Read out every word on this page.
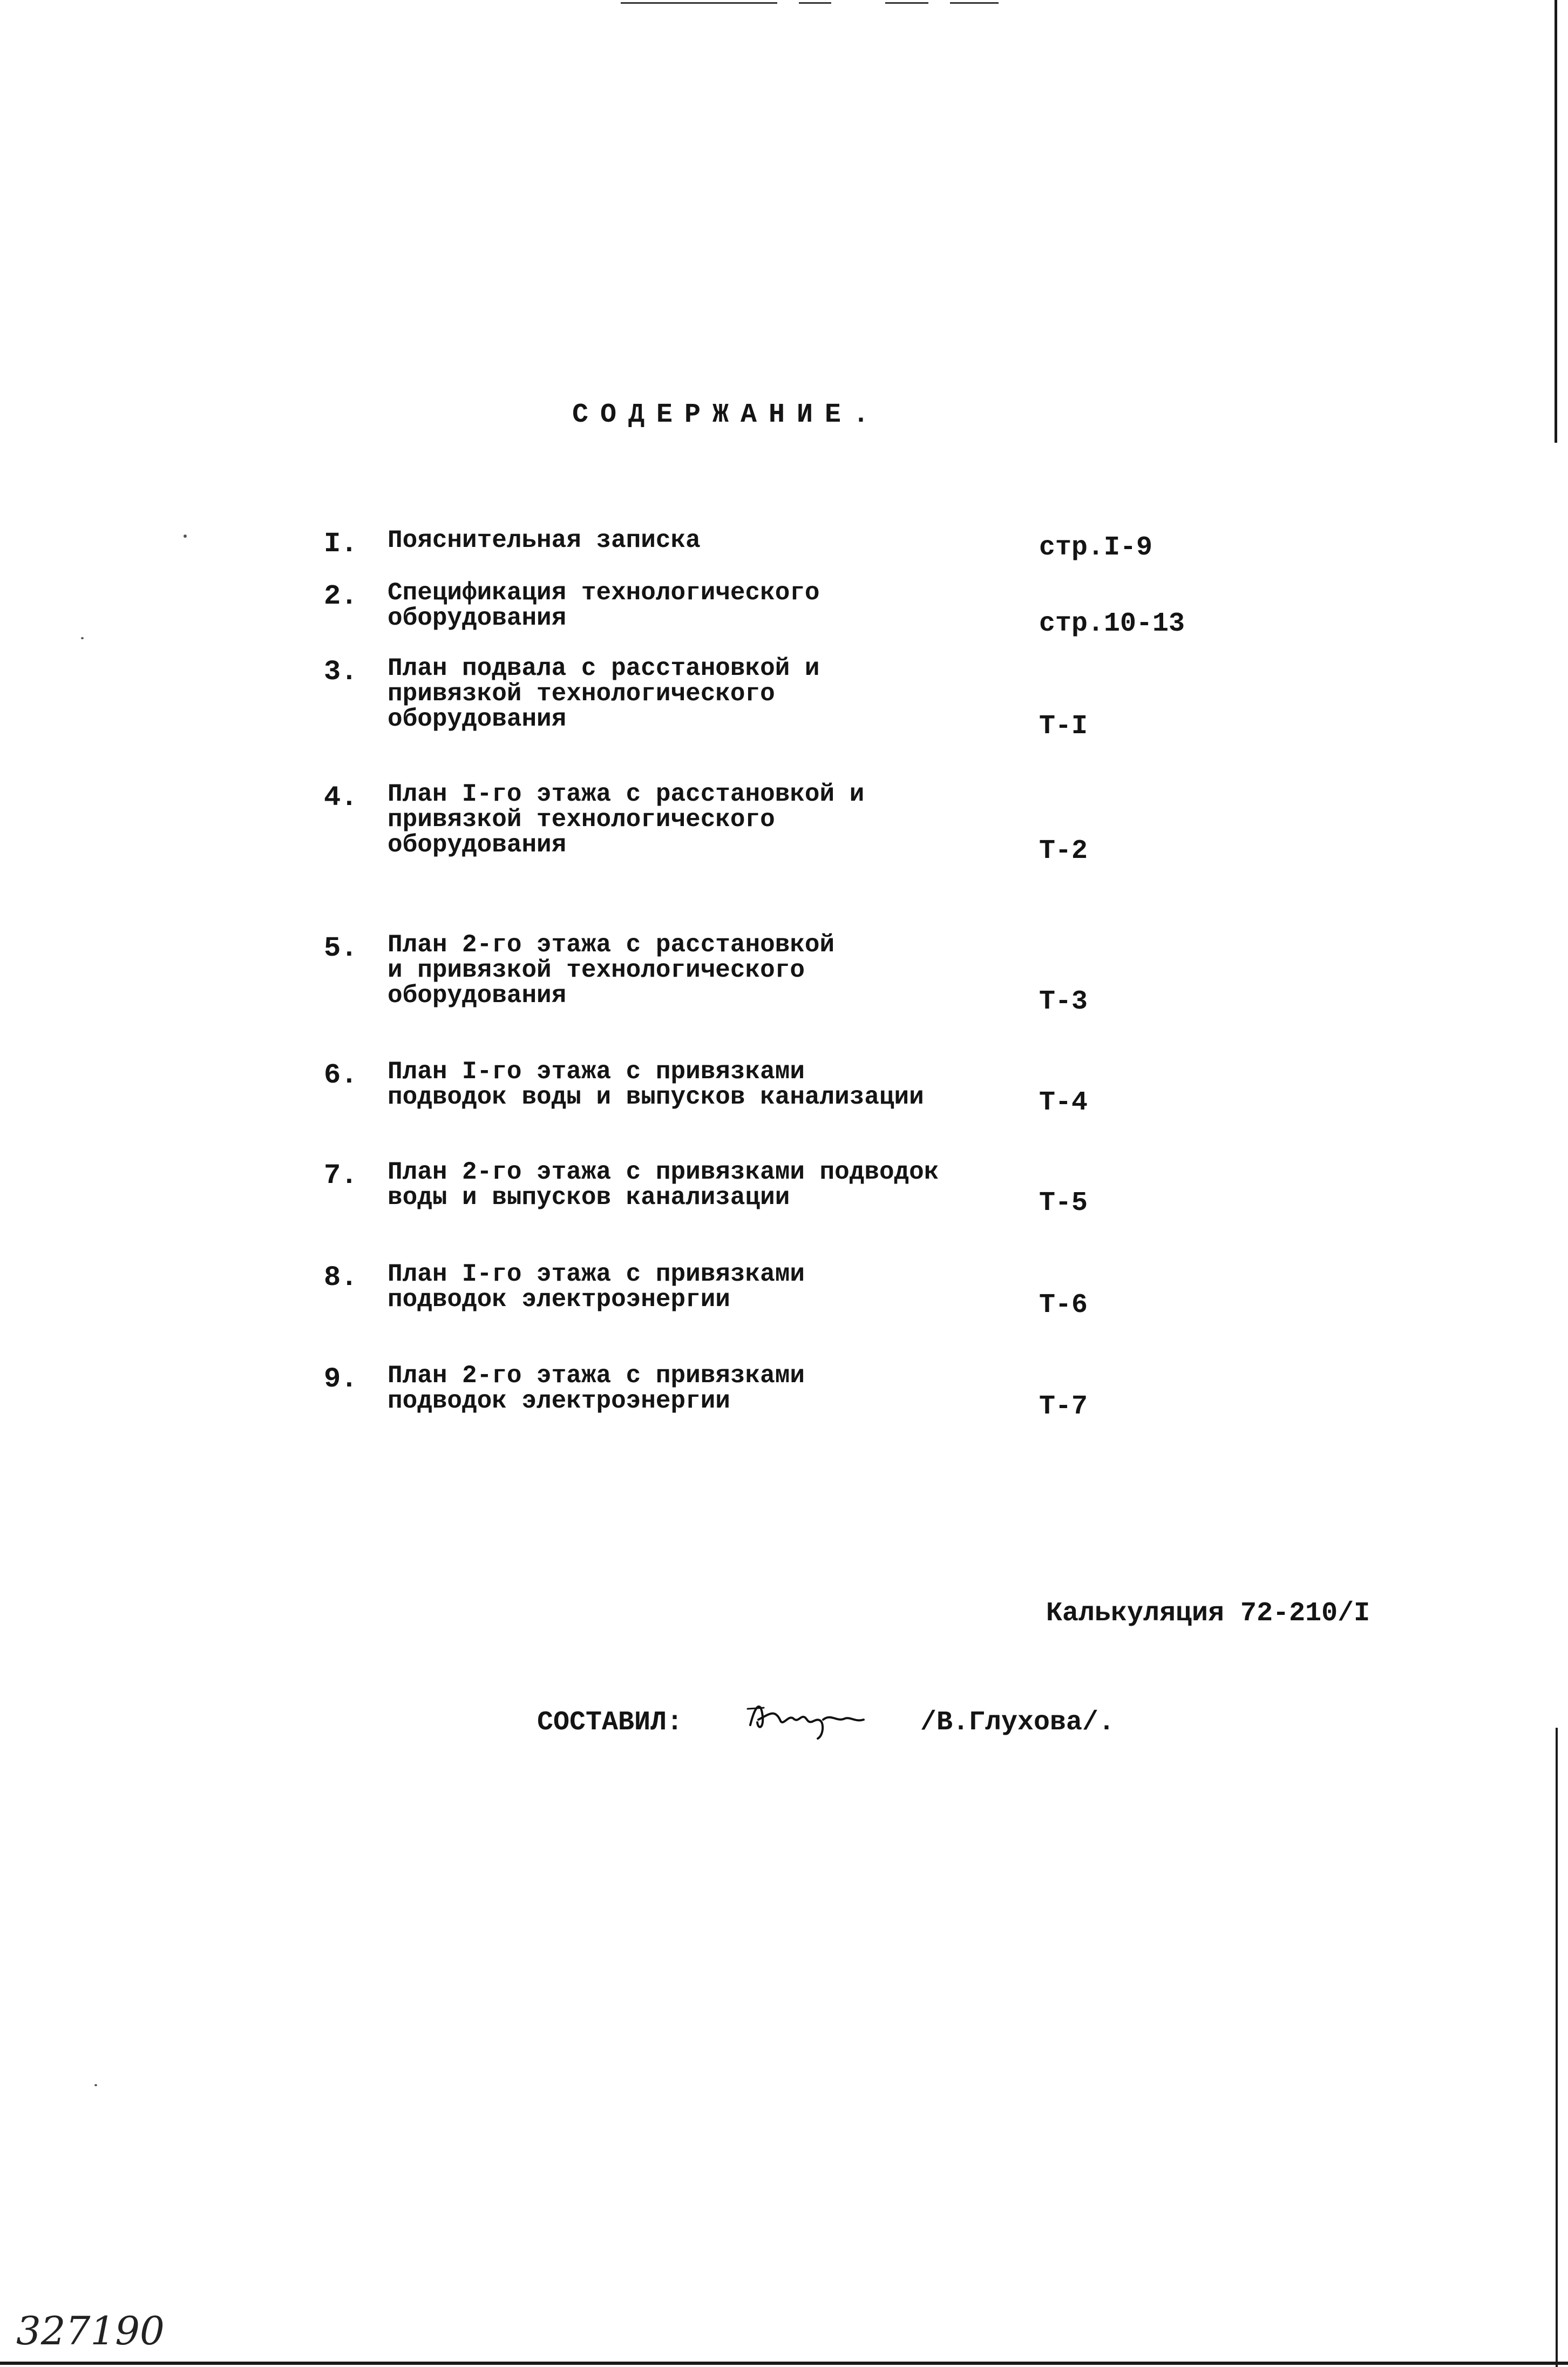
СОДЕРЖАНИЕ.
I. Пояснительная записка	стр.I-9
2. Спецификация технологического
оборудования	стр.10-13
3. План подвала с расстановкой и
привязкой технологического
оборудования	Т-I
4. План I-го этажа с расстановкой и
привязкой технологического
оборудования	Т-2
5. План 2-го этажа с расстановкой
и привязкой технологического
оборудования	Т-3
6. План I-го этажа с привязками
подводок воды и выпусков канализации	Т-4
7. План 2-го этажа с привязками подводок
воды и выпусков канализации	Т-5
8. План I-го этажа с привязками
подводок электроэнергии	Т-6
9. План 2-го этажа с привязками
подводок электроэнергии	Т-7
Калькуляция 72-210/I
СОСТАВИЛ:	/В.Глухова/.
327190
